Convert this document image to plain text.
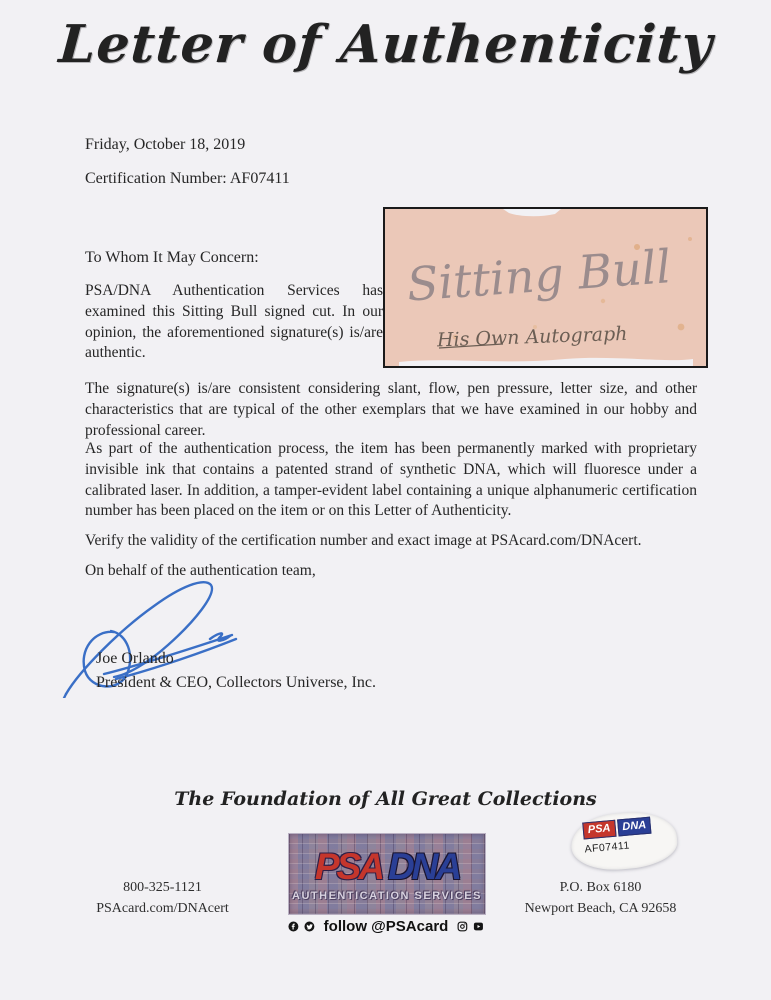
Letter of Authenticity
Friday, October 18, 2019
Certification Number: AF07411
Sitting Bull
His Own Autograph
To Whom It May Concern:
PSA/DNA Authentication Services has examined this Sitting Bull signed cut. In our opinion, the aforementioned signature(s) is/are authentic.
The signature(s) is/are consistent considering slant, flow, pen pressure, letter size, and other characteristics that are typical of the other exemplars that we have examined in our hobby and professional career.
As part of the authentication process, the item has been permanently marked with proprietary invisible ink that contains a patented strand of synthetic DNA, which will fluoresce under a calibrated laser. In addition, a tamper-evident label containing a unique alphanumeric certification number has been placed on the item or on this Letter of Authenticity.
Verify the validity of the certification number and exact image at PSAcard.com/DNAcert.
On behalf of the authentication team,
Joe Orlando
President & CEO, Collectors Universe, Inc.
The Foundation of All Great Collections
PSA DNA
AUTHENTICATION SERVICES
follow @PSAcard
800-325-1121
PSAcard.com/DNAcert
P.O. Box 6180
Newport Beach, CA 92658
PSA DNA
AF07411
